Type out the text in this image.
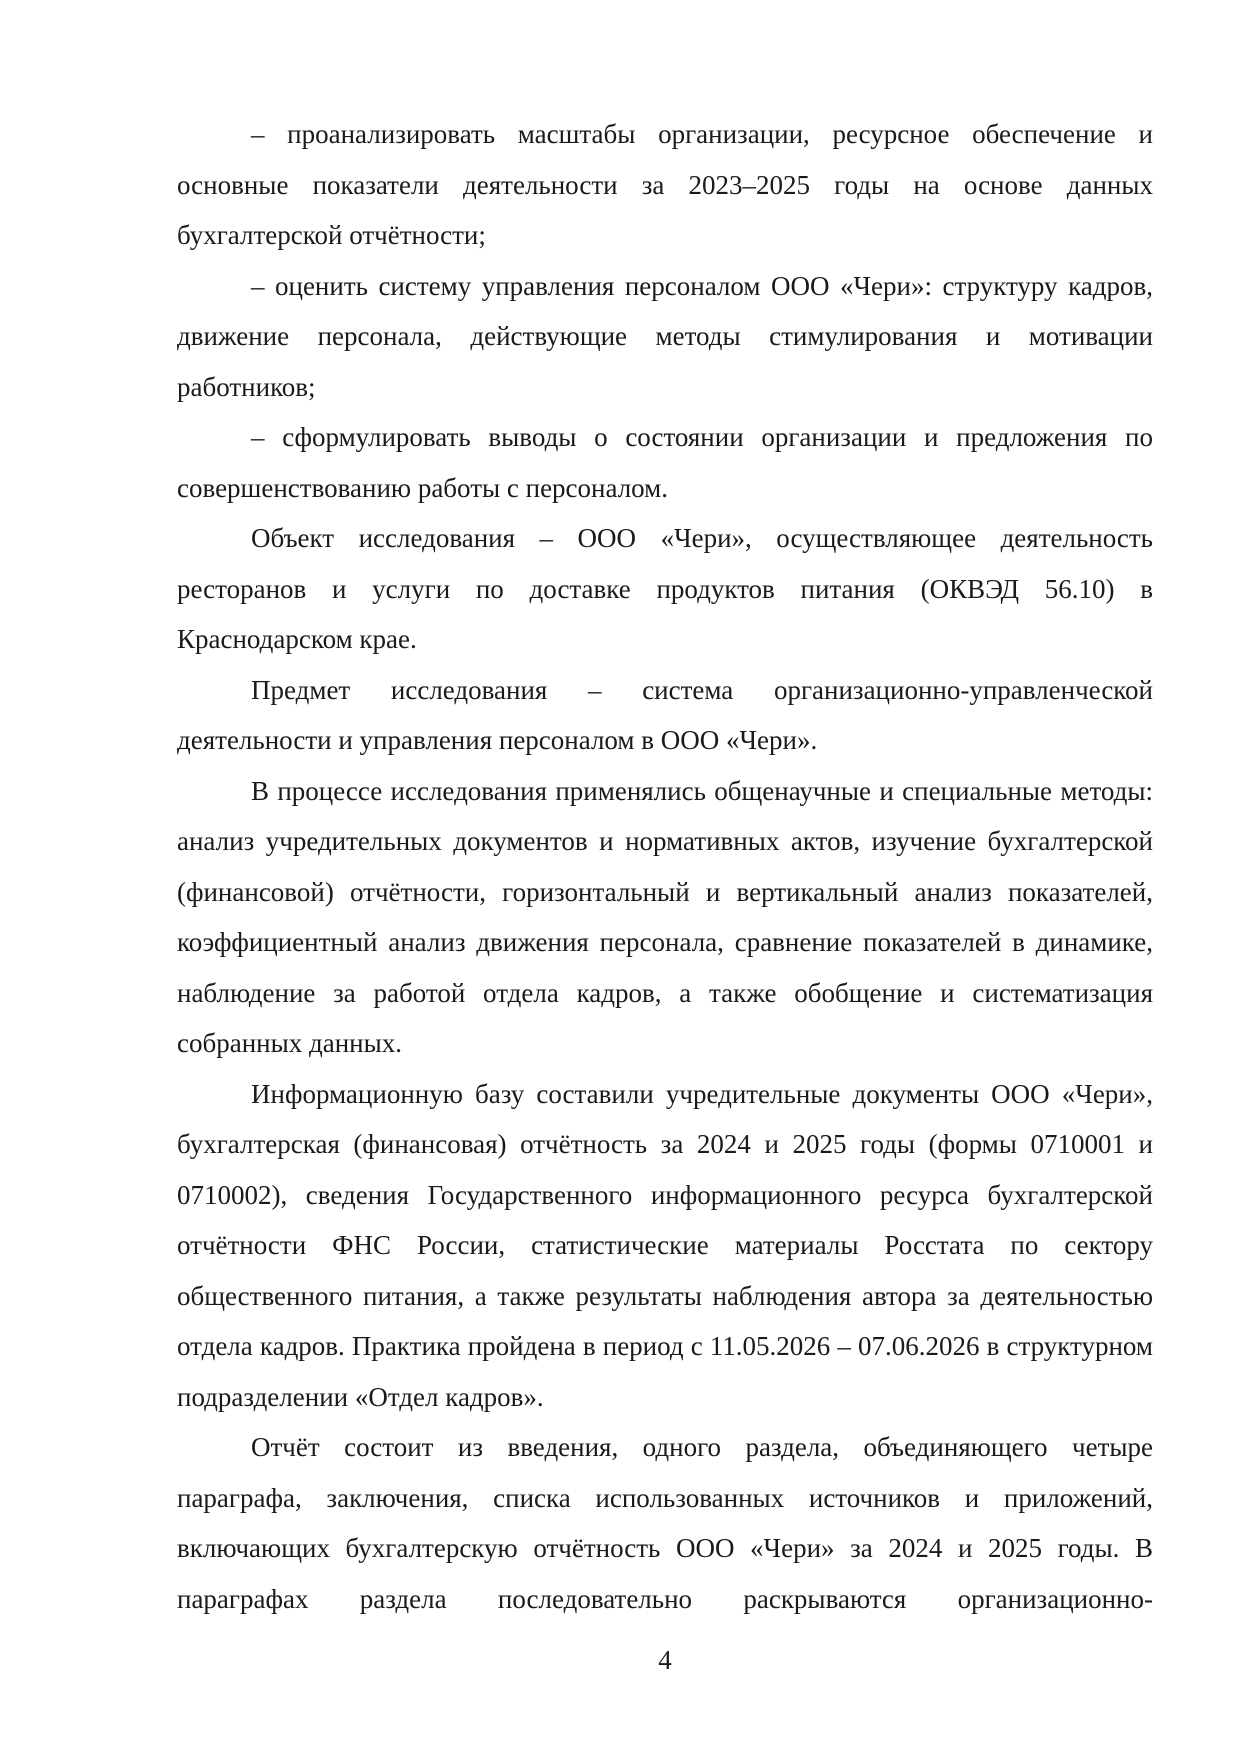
– проанализировать масштабы организации, ресурсное обеспечение и основные показатели деятельности за 2023–2025 годы на основе данных бухгалтерской отчётности;

– оценить систему управления персоналом ООО «Чери»: структуру кадров, движение персонала, действующие методы стимулирования и мотивации работников;

– сформулировать выводы о состоянии организации и предложения по совершенствованию работы с персоналом.

Объект исследования – ООО «Чери», осуществляющее деятельность ресторанов и услуги по доставке продуктов питания (ОКВЭД 56.10) в Краснодарском крае.

Предмет исследования – система организационно-управленческой деятельности и управления персоналом в ООО «Чери».

В процессе исследования применялись общенаучные и специальные методы: анализ учредительных документов и нормативных актов, изучение бухгалтерской (финансовой) отчётности, горизонтальный и вертикальный анализ показателей, коэффициентный анализ движения персонала, сравнение показателей в динамике, наблюдение за работой отдела кадров, а также обобщение и систематизация собранных данных.

Информационную базу составили учредительные документы ООО «Чери», бухгалтерская (финансовая) отчётность за 2024 и 2025 годы (формы 0710001 и 0710002), сведения Государственного информационного ресурса бухгалтерской отчётности ФНС России, статистические материалы Росстата по сектору общественного питания, а также результаты наблюдения автора за деятельностью отдела кадров. Практика пройдена в период с 11.05.2026 – 07.06.2026 в структурном подразделении «Отдел кадров».

Отчёт состоит из введения, одного раздела, объединяющего четыре параграфа, заключения, списка использованных источников и приложений, включающих бухгалтерскую отчётность ООО «Чери» за 2024 и 2025 годы. В параграфах раздела последовательно раскрываются организационно-

4
